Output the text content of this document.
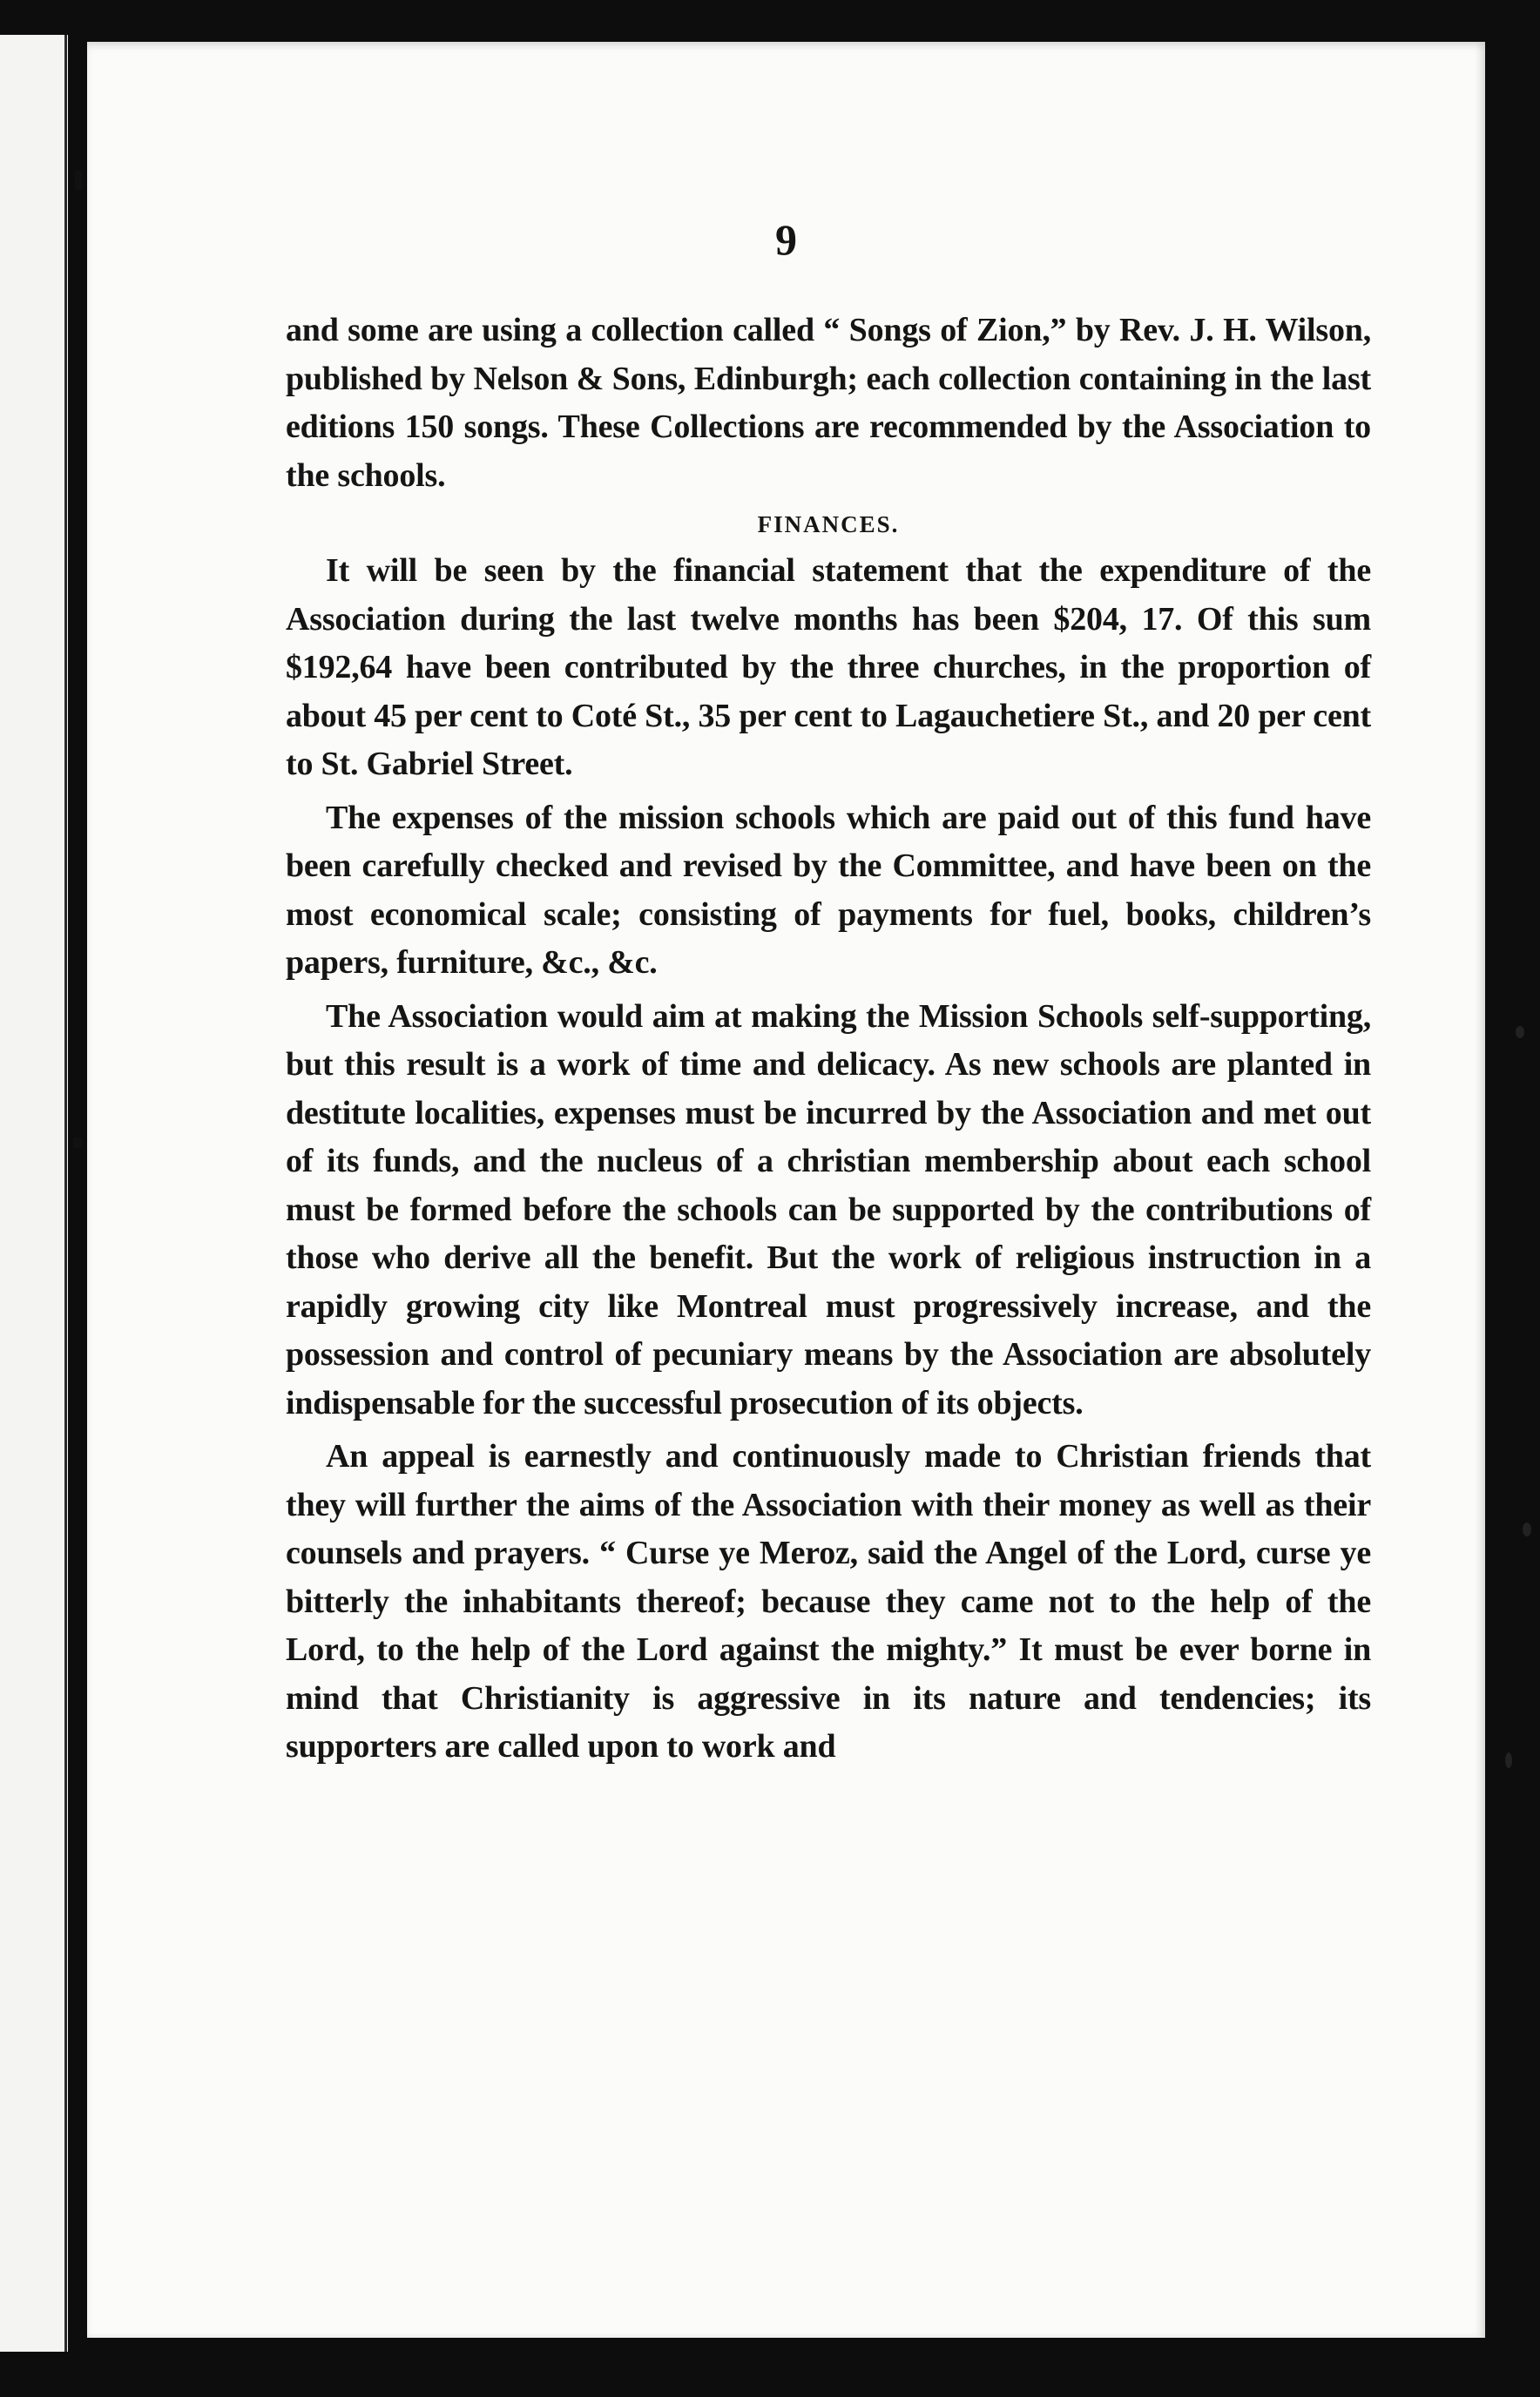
9

and some are using a collection called “ Songs of Zion,” by Rev. J. H. Wilson, published by Nelson & Sons, Edinburgh; each collection containing in the last editions 150 songs. These Collections are recommended by the Association to the schools.

FINANCES.

It will be seen by the financial statement that the expenditure of the Association during the last twelve months has been $204, 17. Of this sum $192,64 have been contributed by the three churches, in the proportion of about 45 per cent to Coté St., 35 per cent to Lagauchetiere St., and 20 per cent to St. Gabriel Street.

The expenses of the mission schools which are paid out of this fund have been carefully checked and revised by the Committee, and have been on the most economical scale; consisting of payments for fuel, books, children’s papers, furniture, &c., &c.

The Association would aim at making the Mission Schools self-supporting, but this result is a work of time and delicacy. As new schools are planted in destitute localities, expenses must be incurred by the Association and met out of its funds, and the nucleus of a christian membership about each school must be formed before the schools can be supported by the contributions of those who derive all the benefit. But the work of religious instruction in a rapidly growing city like Montreal must progressively increase, and the possession and control of pecuniary means by the Association are absolutely indispensable for the successful prosecution of its objects.

An appeal is earnestly and continuously made to Christian friends that they will further the aims of the Association with their money as well as their counsels and prayers. “ Curse ye Meroz, said the Angel of the Lord, curse ye bitterly the inhabitants thereof; because they came not to the help of the Lord, to the help of the Lord against the mighty.” It must be ever borne in mind that Christianity is aggressive in its nature and tendencies; its supporters are called upon to work and
